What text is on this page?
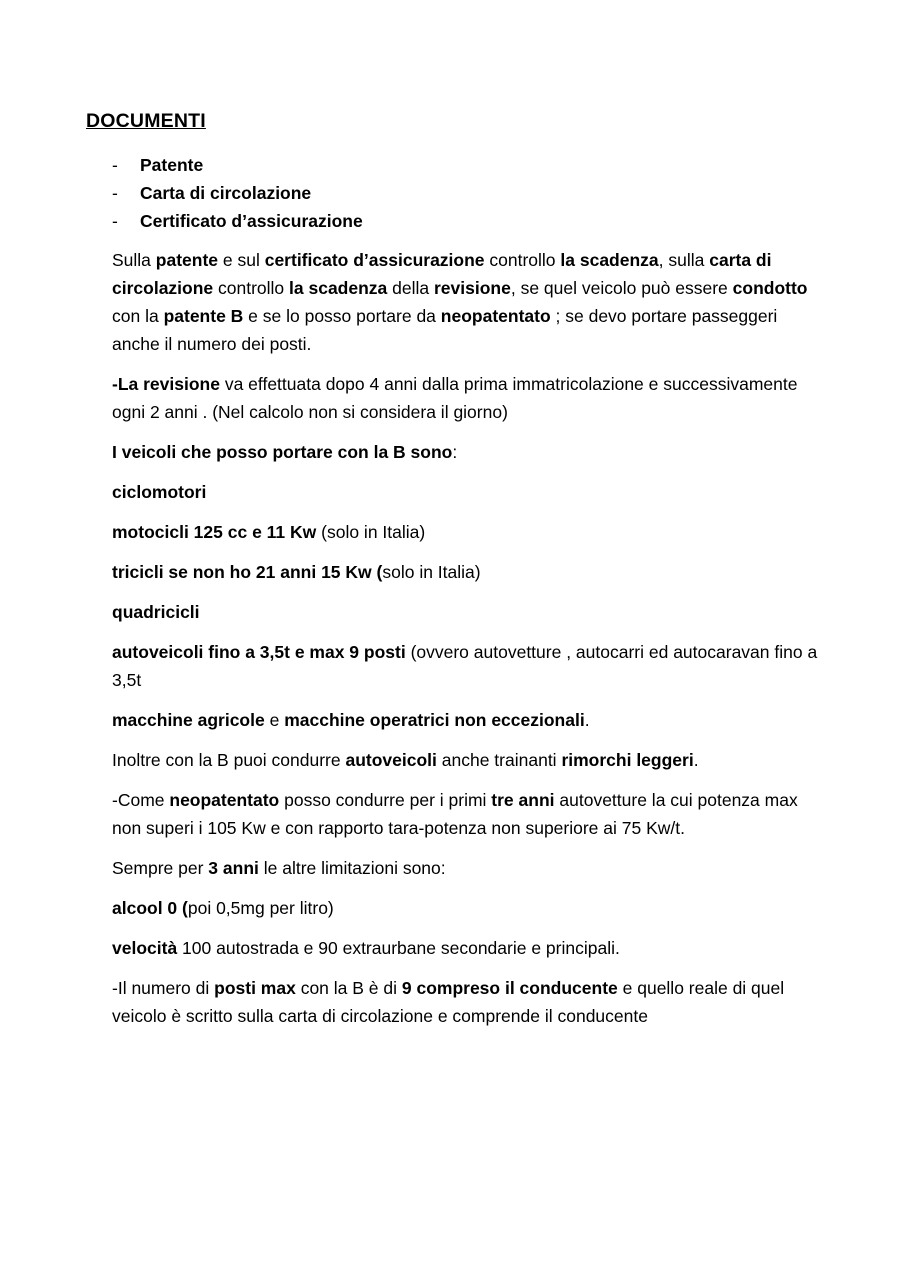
DOCUMENTI
- Patente
- Carta di circolazione
- Certificato d’assicurazione

Sulla patente e sul certificato d’assicurazione controllo la scadenza, sulla carta di circolazione controllo la scadenza della revisione, se quel veicolo può essere condotto con la patente B e se lo posso portare da neopatentato ; se devo portare passeggeri anche il numero dei posti.

-La revisione va effettuata dopo 4 anni dalla prima immatricolazione e successivamente ogni 2 anni . (Nel calcolo non si considera il giorno)

I veicoli che posso portare con la B sono:

ciclomotori

motocicli 125 cc e 11 Kw (solo in Italia)

tricicli se non ho 21 anni 15 Kw (solo in Italia)

quadricicli

autoveicoli fino a 3,5t e max 9 posti (ovvero autovetture , autocarri ed autocaravan fino a 3,5t

macchine agricole e macchine operatrici non eccezionali.

Inoltre con la B puoi condurre autoveicoli anche trainanti rimorchi leggeri.

-Come neopatentato posso condurre per i primi tre anni autovetture la cui potenza max non superi i 105 Kw e con rapporto tara-potenza non superiore ai 75 Kw/t.

Sempre per 3 anni le altre limitazioni sono:

alcool 0 (poi 0,5mg per litro)

velocità 100 autostrada e 90 extraurbane secondarie e principali.

-Il numero di posti max con la B è di 9 compreso il conducente e quello reale di quel veicolo è scritto sulla carta di circolazione e comprende il conducente
